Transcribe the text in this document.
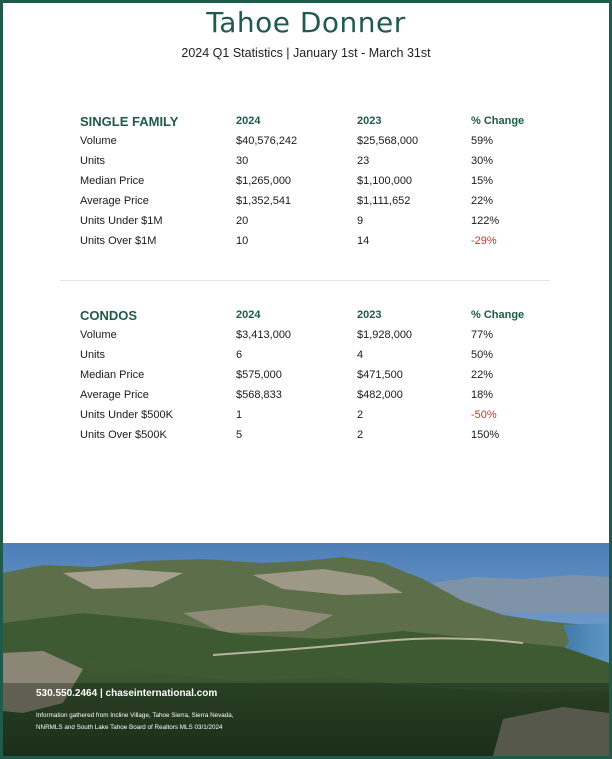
Tahoe Donner
2024 Q1 Statistics | January 1st - March 31st
SINGLE FAMILY	2024	2023	% Change
Volume	$40,576,242	$25,568,000	59%
Units	30	23	30%
Median Price	$1,265,000	$1,100,000	15%
Average Price	$1,352,541	$1,111,652	22%
Units Under $1M	20	9	122%
Units Over $1M	10	14	-29%
CONDOS	2024	2023	% Change
Volume	$3,413,000	$1,928,000	77%
Units	6	4	50%
Median Price	$575,000	$471,500	22%
Average Price	$568,833	$482,000	18%
Units Under $500K	1	2	-50%
Units Over $500K	5	2	150%
530.550.2464 | chaseinternational.com
Information gathered from Incline Village, Tahoe Sierra, Sierra Nevada,
NNRMLS and South Lake Tahoe Board of Realtors MLS 03/1/2024
